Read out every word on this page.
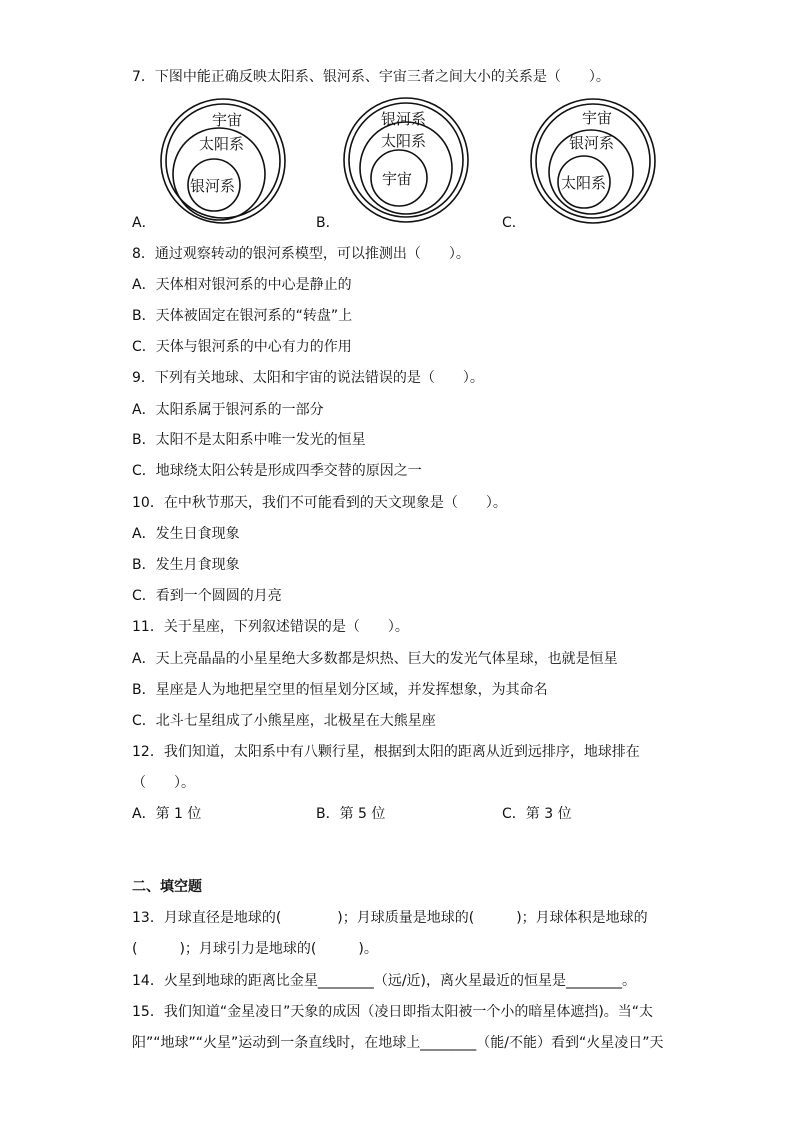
7．下图中能正确反映太阳系、银河系、宇宙三者之间大小的关系是（　　）。
宇宙
太阳系
银河系
A．
银河系
太阳系
宇宙
B．
宇宙
银河系
太阳系
C．
8．通过观察转动的银河系模型，可以推测出（　　）。
A．天体相对银河系的中心是静止的
B．天体被固定在银河系的“转盘”上
C．天体与银河系的中心有力的作用
9．下列有关地球、太阳和宇宙的说法错误的是（　　）。
A．太阳系属于银河系的一部分
B．太阳不是太阳系中唯一发光的恒星
C．地球绕太阳公转是形成四季交替的原因之一
10．在中秋节那天，我们不可能看到的天文现象是（　　）。
A．发生日食现象
B．发生月食现象
C．看到一个圆圆的月亮
11．关于星座，下列叙述错误的是（　　）。
A．天上亮晶晶的小星星绝大多数都是炽热、巨大的发光气体星球，也就是恒星
B．星座是人为地把星空里的恒星划分区域，并发挥想象，为其命名
C．北斗七星组成了小熊星座，北极星在大熊星座
12．我们知道，太阳系中有八颗行星，根据到太阳的距离从近到远排序，地球排在
（　　）。
A．第 1 位	B．第 5 位	C．第 3 位
二、填空题
13．月球直径是地球的(　　　　)；月球质量是地球的(　　　)；月球体积是地球的
(　　　)；月球引力是地球的(　　　)。
14．火星到地球的距离比金星________（远/近)，离火星最近的恒星是________。
15．我们知道“金星凌日”天象的成因（凌日即指太阳被一个小的暗星体遮挡)。当“太
阳”“地球”“火星”运动到一条直线时，在地球上________（能/不能）看到“火星凌日”天
